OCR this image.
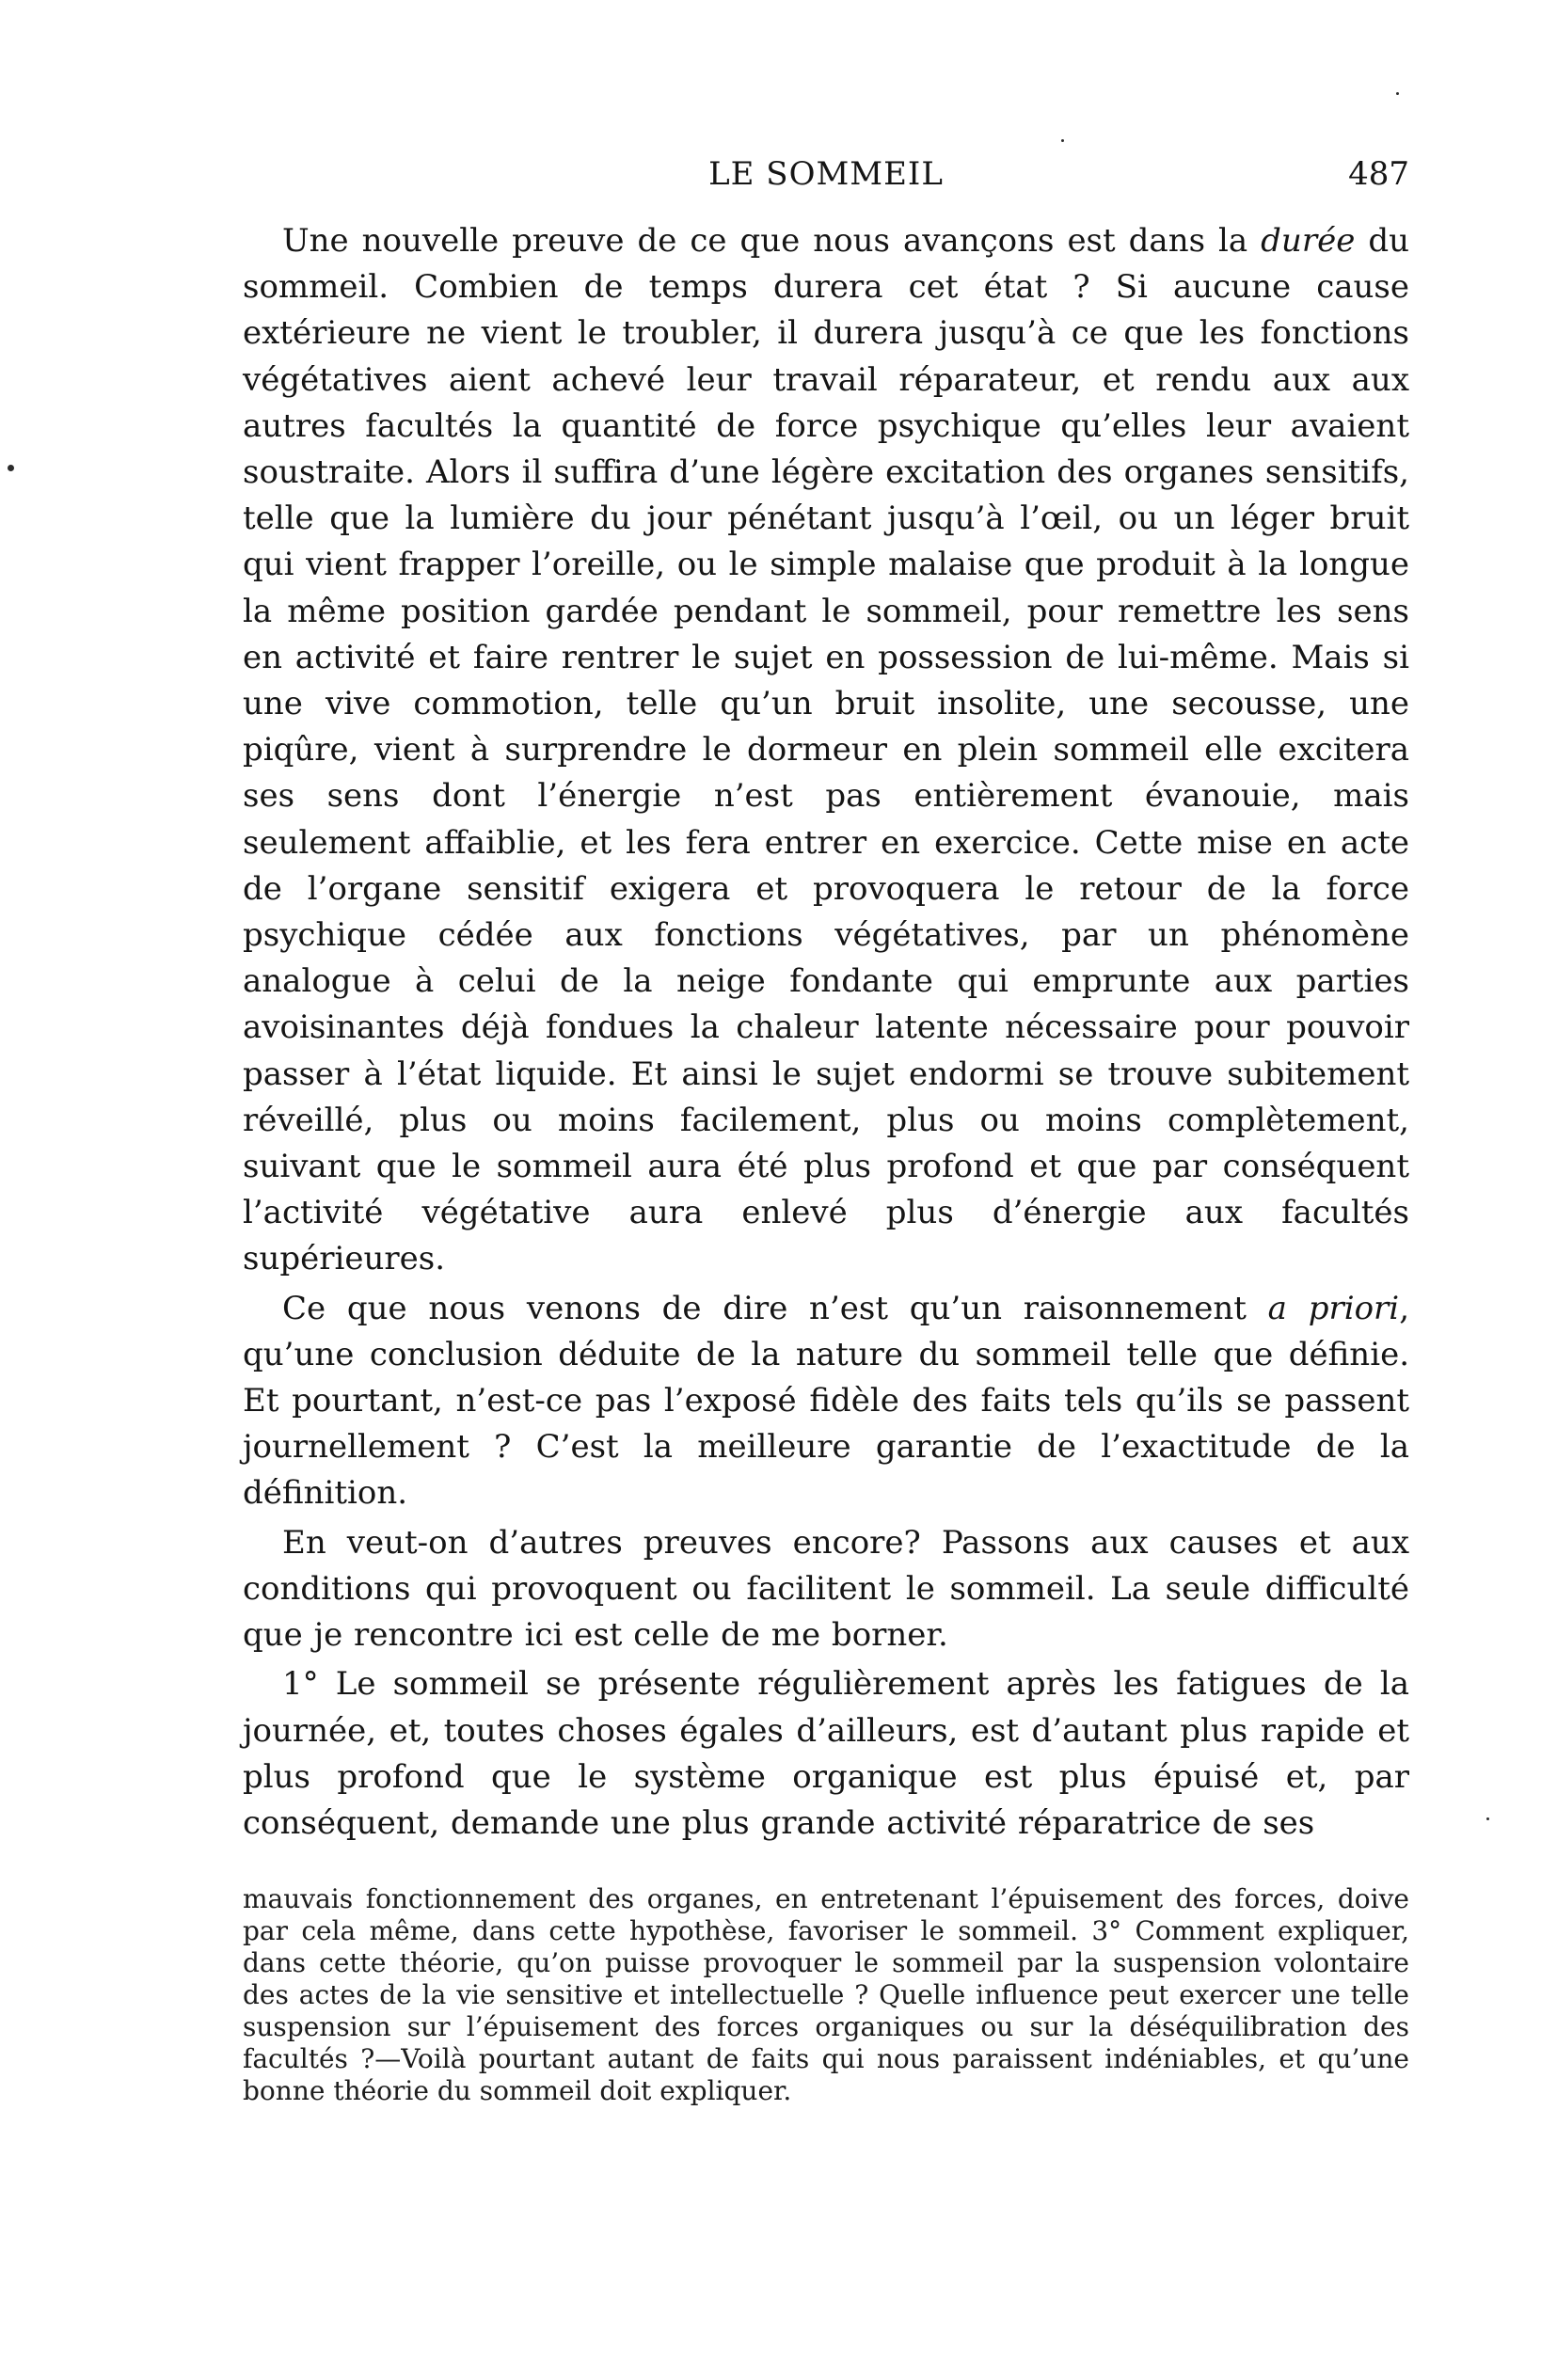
LE SOMMEIL	487

Une nouvelle preuve de ce que nous avançons est dans la durée du sommeil. Combien de temps durera cet état ? Si aucune cause extérieure ne vient le troubler, il durera jusqu’à ce que les fonctions végétatives aient achevé leur travail réparateur, et rendu aux aux autres facultés la quantité de force psychique qu’elles leur avaient soustraite. Alors il suffira d’une légère excitation des organes sensitifs, telle que la lumière du jour pénétant jusqu’à l’œil, ou un léger bruit qui vient frapper l’oreille, ou le simple malaise que produit à la longue la même position gardée pendant le sommeil, pour remettre les sens en activité et faire rentrer le sujet en possession de lui-même. Mais si une vive commotion, telle qu’un bruit insolite, une secousse, une piqûre, vient à surprendre le dormeur en plein sommeil elle excitera ses sens dont l’énergie n’est pas entièrement évanouie, mais seulement affaiblie, et les fera entrer en exercice. Cette mise en acte de l’organe sensitif exigera et provoquera le retour de la force psychique cédée aux fonctions végétatives, par un phénomène analogue à celui de la neige fondante qui emprunte aux parties avoisinantes déjà fondues la chaleur latente nécessaire pour pouvoir passer à l’état liquide. Et ainsi le sujet endormi se trouve subitement réveillé, plus ou moins facilement, plus ou moins complètement, suivant que le sommeil aura été plus profond et que par conséquent l’activité végétative aura enlevé plus d’énergie aux facultés supérieures.

Ce que nous venons de dire n’est qu’un raisonnement a priori, qu’une conclusion déduite de la nature du sommeil telle que définie. Et pourtant, n’est-ce pas l’exposé fidèle des faits tels qu’ils se passent journellement ? C’est la meilleure garantie de l’exactitude de la définition.

En veut-on d’autres preuves encore? Passons aux causes et aux conditions qui provoquent ou facilitent le sommeil. La seule difficulté que je rencontre ici est celle de me borner.

1° Le sommeil se présente régulièrement après les fatigues de la journée, et, toutes choses égales d’ailleurs, est d’autant plus rapide et plus profond que le système organique est plus épuisé et, par conséquent, demande une plus grande activité réparatrice de ses

mauvais fonctionnement des organes, en entretenant l’épuisement des forces, doive par cela même, dans cette hypothèse, favoriser le sommeil. 3° Comment expliquer, dans cette théorie, qu’on puisse provoquer le sommeil par la suspension volontaire des actes de la vie sensitive et intellectuelle ? Quelle influence peut exercer une telle suspension sur l’épuisement des forces organiques ou sur la déséquilibration des facultés ?—Voilà pourtant autant de faits qui nous paraissent indéniables, et qu’une bonne théorie du sommeil doit expliquer.
